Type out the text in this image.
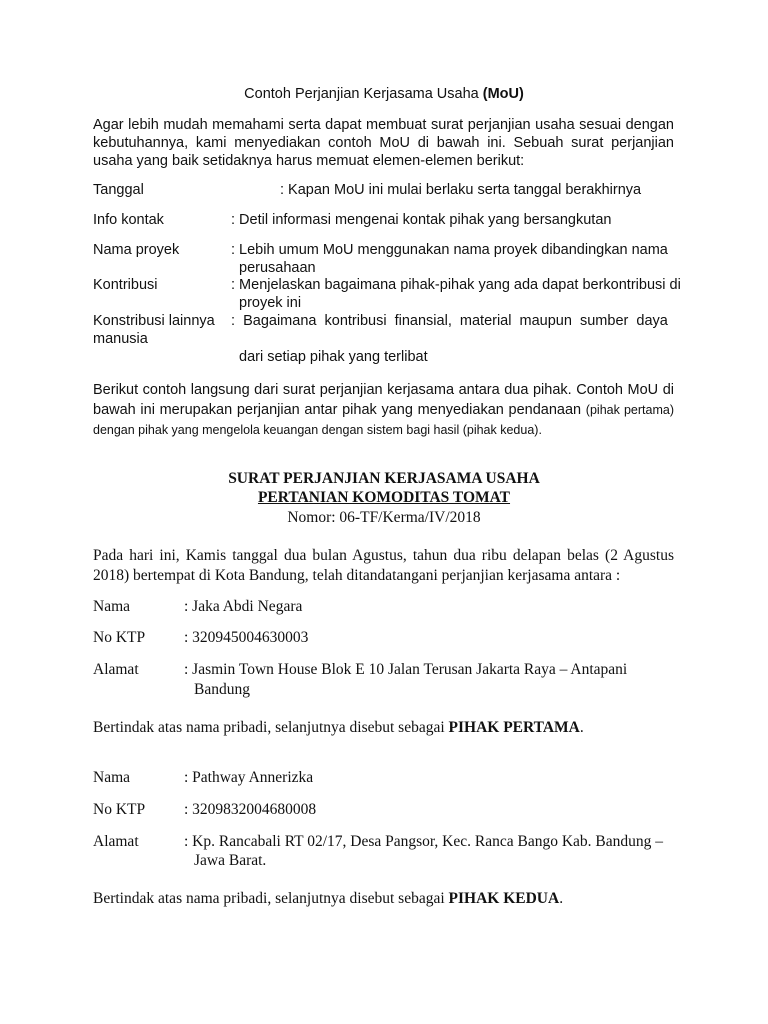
Contoh Perjanjian Kerjasama Usaha (MoU)
Agar lebih mudah memahami serta dapat membuat surat perjanjian usaha sesuai dengan kebutuhannya, kami menyediakan contoh MoU di bawah ini. Sebuah surat perjanjian usaha yang baik setidaknya harus memuat elemen-elemen berikut:
Tanggal	: Kapan MoU ini mulai berlaku serta tanggal berakhirnya
Info kontak	: Detil informasi mengenai kontak pihak yang bersangkutan
Nama proyek	: Lebih umum MoU menggunakan nama proyek dibandingkan nama
perusahaan
Kontribusi	: Menjelaskan bagaimana pihak-pihak yang ada dapat berkontribusi di
proyek ini
Konstribusi lainnya
manusia
:  Bagaimana  kontribusi  finansial,  material  maupun  sumber  daya
dari setiap pihak yang terlibat
Berikut contoh langsung dari surat perjanjian kerjasama antara dua pihak. Contoh MoU di bawah ini merupakan perjanjian antar pihak yang menyediakan pendanaan (pihak pertama) dengan pihak yang mengelola keuangan dengan sistem bagi hasil (pihak kedua).
SURAT PERJANJIAN KERJASAMA USAHA
PERTANIAN KOMODITAS TOMAT
Nomor: 06-TF/Kerma/IV/2018
Pada hari ini, Kamis tanggal dua bulan Agustus, tahun dua ribu delapan belas (2 Agustus 2018) bertempat di Kota Bandung, telah ditandatangani perjanjian kerjasama antara :
Nama	: Jaka Abdi Negara
No KTP	: 320945004630003
Alamat	: Jasmin Town House Blok E 10 Jalan Terusan Jakarta Raya – Antapani
Bandung
Bertindak atas nama pribadi, selanjutnya disebut sebagai PIHAK PERTAMA.
Nama	: Pathway Annerizka
No KTP	: 3209832004680008
Alamat	: Kp. Rancabali RT 02/17, Desa Pangsor, Kec. Ranca Bango Kab. Bandung –
Jawa Barat.
Bertindak atas nama pribadi, selanjutnya disebut sebagai PIHAK KEDUA.
